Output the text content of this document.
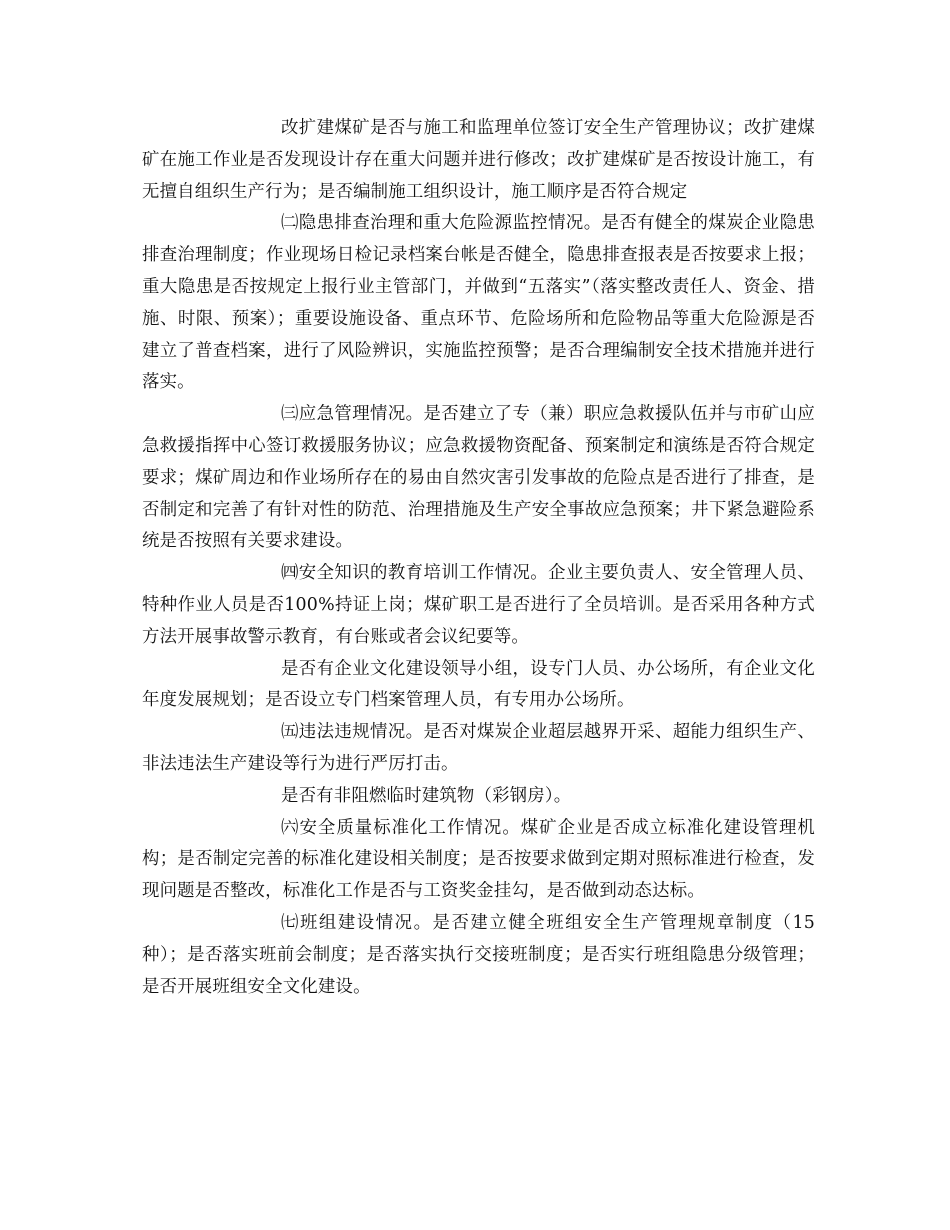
改扩建煤矿是否与施工和监理单位签订安全生产管理协议；改扩建煤矿在施工作业是否发现设计存在重大问题并进行修改；改扩建煤矿是否按设计施工，有无擅自组织生产行为；是否编制施工组织设计，施工顺序是否符合规定

㈡隐患排查治理和重大危险源监控情况。是否有健全的煤炭企业隐患排查治理制度；作业现场日检记录档案台帐是否健全，隐患排查报表是否按要求上报；重大隐患是否按规定上报行业主管部门，并做到“五落实”（落实整改责任人、资金、措施、时限、预案）；重要设施设备、重点环节、危险场所和危险物品等重大危险源是否建立了普查档案，进行了风险辨识，实施监控预警；是否合理编制安全技术措施并进行落实。

㈢应急管理情况。是否建立了专（兼）职应急救援队伍并与市矿山应急救援指挥中心签订救援服务协议；应急救援物资配备、预案制定和演练是否符合规定要求；煤矿周边和作业场所存在的易由自然灾害引发事故的危险点是否进行了排查，是否制定和完善了有针对性的防范、治理措施及生产安全事故应急预案；井下紧急避险系统是否按照有关要求建设。

㈣安全知识的教育培训工作情况。企业主要负责人、安全管理人员、特种作业人员是否100%持证上岗；煤矿职工是否进行了全员培训。是否采用各种方式方法开展事故警示教育，有台账或者会议纪要等。

是否有企业文化建设领导小组，设专门人员、办公场所，有企业文化年度发展规划；是否设立专门档案管理人员，有专用办公场所。

㈤违法违规情况。是否对煤炭企业超层越界开采、超能力组织生产、非法违法生产建设等行为进行严厉打击。

是否有非阻燃临时建筑物（彩钢房）。

㈥安全质量标准化工作情况。煤矿企业是否成立标准化建设管理机构；是否制定完善的标准化建设相关制度；是否按要求做到定期对照标准进行检查，发现问题是否整改，标准化工作是否与工资奖金挂勾，是否做到动态达标。

㈦班组建设情况。是否建立健全班组安全生产管理规章制度（15种）；是否落实班前会制度；是否落实执行交接班制度；是否实行班组隐患分级管理；是否开展班组安全文化建设。
